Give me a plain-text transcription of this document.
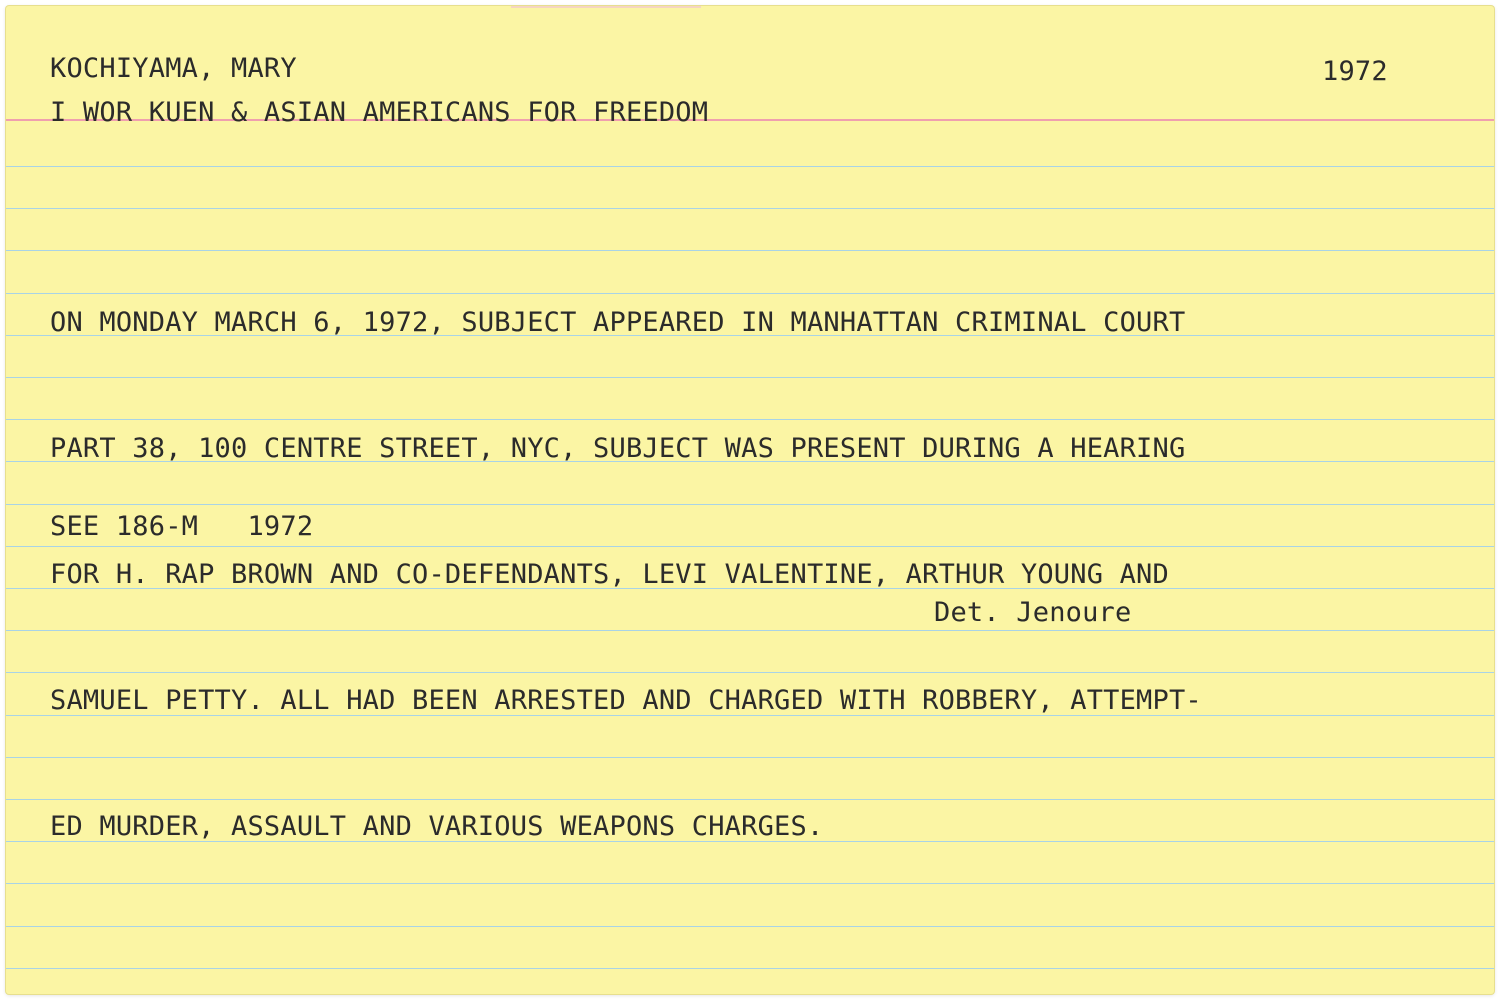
KOCHIYAMA, MARY	1972
I WOR KUEN & ASIAN AMERICANS FOR FREEDOM

ON MONDAY MARCH 6, 1972, SUBJECT APPEARED IN MANHATTAN CRIMINAL COURT

PART 38, 100 CENTRE STREET, NYC, SUBJECT WAS PRESENT DURING A HEARING

FOR H. RAP BROWN AND CO-DEFENDANTS, LEVI VALENTINE, ARTHUR YOUNG AND

SAMUEL PETTY. ALL HAD BEEN ARRESTED AND CHARGED WITH ROBBERY, ATTEMPT-

ED MURDER, ASSAULT AND VARIOUS WEAPONS CHARGES.

SEE 186-M   1972
Det. Jenoure
